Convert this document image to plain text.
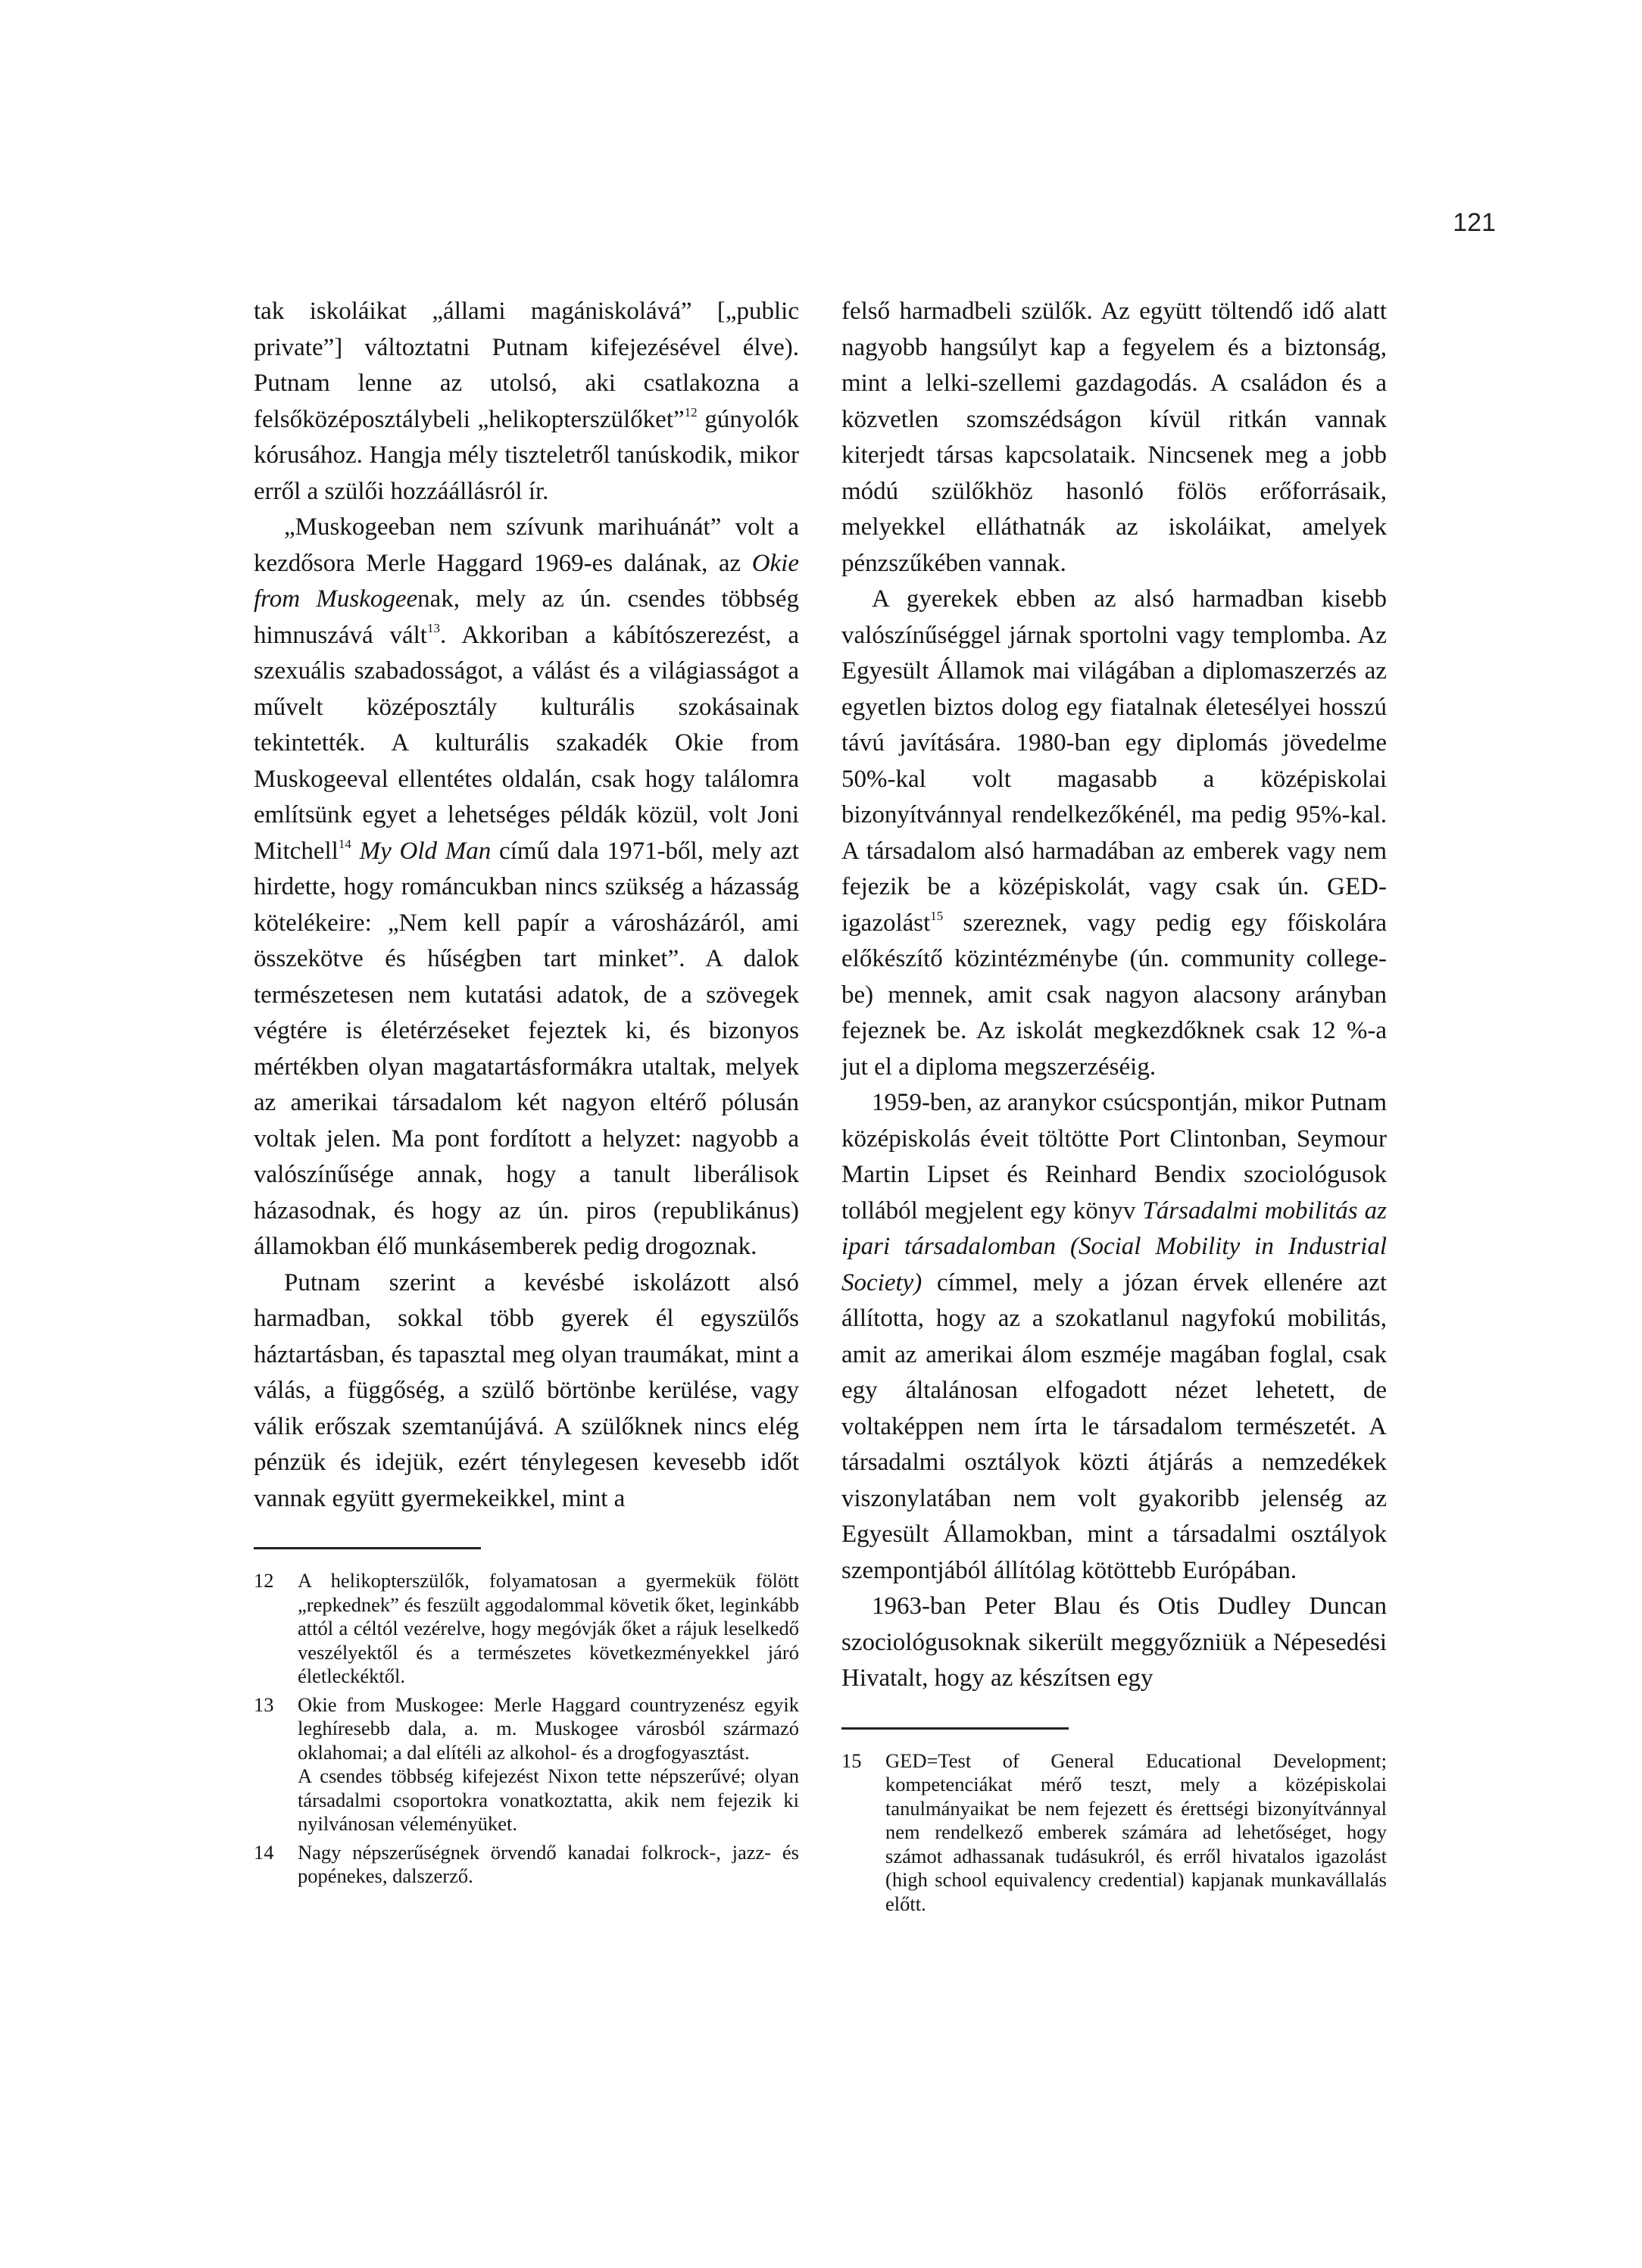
121

tak iskoláikat „állami magániskolává” [„public private”] változtatni Putnam kifejezésével élve). Putnam lenne az utolsó, aki csatlakozna a felsőközéposztálybeli „helikopterszülőket”$^{12}$ gúnyolók kórusához. Hangja mély tiszteletről tanúskodik, mikor erről a szülői hozzáállásról ír.

„Muskogeeban nem szívunk marihuánát” volt a kezdősora Merle Haggard 1969-es dalának, az Okie from Muskogeenak, mely az ún. csendes többség himnuszává vált$^{13}$. Akkoriban a kábítószerezést, a szexuális szabadosságot, a válást és a világiasságot a művelt középosztály kulturális szokásainak tekintették. A kulturális szakadék Okie from Muskogeeval ellentétes oldalán, csak hogy találomra említsünk egyet a lehetséges példák közül, volt Joni Mitchell$^{14}$ My Old Man című dala 1971-ből, mely azt hirdette, hogy románcukban nincs szükség a házasság kötelékeire: „Nem kell papír a városházáról, ami összekötve és hűségben tart minket”. A dalok természetesen nem kutatási adatok, de a szövegek végtére is életérzéseket fejeztek ki, és bizonyos mértékben olyan magatartásformákra utaltak, melyek az amerikai társadalom két nagyon eltérő pólusán voltak jelen. Ma pont fordított a helyzet: nagyobb a valószínűsége annak, hogy a tanult liberálisok házasodnak, és hogy az ún. piros (republikánus) államokban élő munkásemberek pedig drogoznak.

Putnam szerint a kevésbé iskolázott alsó harmadban, sokkal több gyerek él egyszülős háztartásban, és tapasztal meg olyan traumákat, mint a válás, a függőség, a szülő börtönbe kerülése, vagy válik erőszak szemtanújává. A szülőknek nincs elég pénzük és idejük, ezért ténylegesen kevesebb időt vannak együtt gyermekeikkel, mint a

12	A helikopterszülők, folyamatosan a gyermekük fölött „repkednek” és feszült aggodalommal követik őket, leginkább attól a céltól vezérelve, hogy megóvják őket a rájuk leselkedő veszélyektől és a természetes következményekkel járó életleckéktől.
13	Okie from Muskogee: Merle Haggard countryzenész egyik leghíresebb dala, a. m. Muskogee városból származó oklahomai; a dal elítéli az alkohol- és a drogfogyasztást.
A csendes többség kifejezést Nixon tette népszerűvé; olyan társadalmi csoportokra vonatkoztatta, akik nem fejezik ki nyilvánosan véleményüket.
14	Nagy népszerűségnek örvendő kanadai folkrock-, jazz- és popénekes, dalszerző.

felső harmadbeli szülők. Az együtt töltendő idő alatt nagyobb hangsúlyt kap a fegyelem és a biztonság, mint a lelki-szellemi gazdagodás. A családon és a közvetlen szomszédságon kívül ritkán vannak kiterjedt társas kapcsolataik. Nincsenek meg a jobb módú szülőkhöz hasonló fölös erőforrásaik, melyekkel elláthatnák az iskoláikat, amelyek pénzszűkében vannak.

A gyerekek ebben az alsó harmadban kisebb valószínűséggel járnak sportolni vagy templomba. Az Egyesült Államok mai világában a diplomaszerzés az egyetlen biztos dolog egy fiatalnak életesélyei hosszú távú javítására. 1980-ban egy diplomás jövedelme 50%-kal volt magasabb a középiskolai bizonyítvánnyal rendelkezőkénél, ma pedig 95%-kal. A társadalom alsó harmadában az emberek vagy nem fejezik be a középiskolát, vagy csak ún. GED-igazolást$^{15}$ szereznek, vagy pedig egy főiskolára előkészítő közintézménybe (ún. community college-be) mennek, amit csak nagyon alacsony arányban fejeznek be. Az iskolát megkezdőknek csak 12 %-a jut el a diploma megszerzéséig.

1959-ben, az aranykor csúcspontján, mikor Putnam középiskolás éveit töltötte Port Clintonban, Seymour Martin Lipset és Reinhard Bendix szociológusok tollából megjelent egy könyv Társadalmi mobilitás az ipari társadalomban (Social Mobility in Industrial Society) címmel, mely a józan érvek ellenére azt állította, hogy az a szokatlanul nagyfokú mobilitás, amit az amerikai álom eszméje magában foglal, csak egy általánosan elfogadott nézet lehetett, de voltaképpen nem írta le társadalom természetét. A társadalmi osztályok közti átjárás a nemzedékek viszonylatában nem volt gyakoribb jelenség az Egyesült Államokban, mint a társadalmi osztályok szempontjából állítólag kötöttebb Európában.

1963-ban Peter Blau és Otis Dudley Duncan szociológusoknak sikerült meggyőzniük a Népesedési Hivatalt, hogy az készítsen egy

15	GED=Test of General Educational Development; kompetenciákat mérő teszt, mely a középiskolai tanulmányaikat be nem fejezett és érettségi bizonyítvánnyal nem rendelkező emberek számára ad lehetőséget, hogy számot adhassanak tudásukról, és erről hivatalos igazolást (high school equivalency credential) kapjanak munkavállalás előtt.
